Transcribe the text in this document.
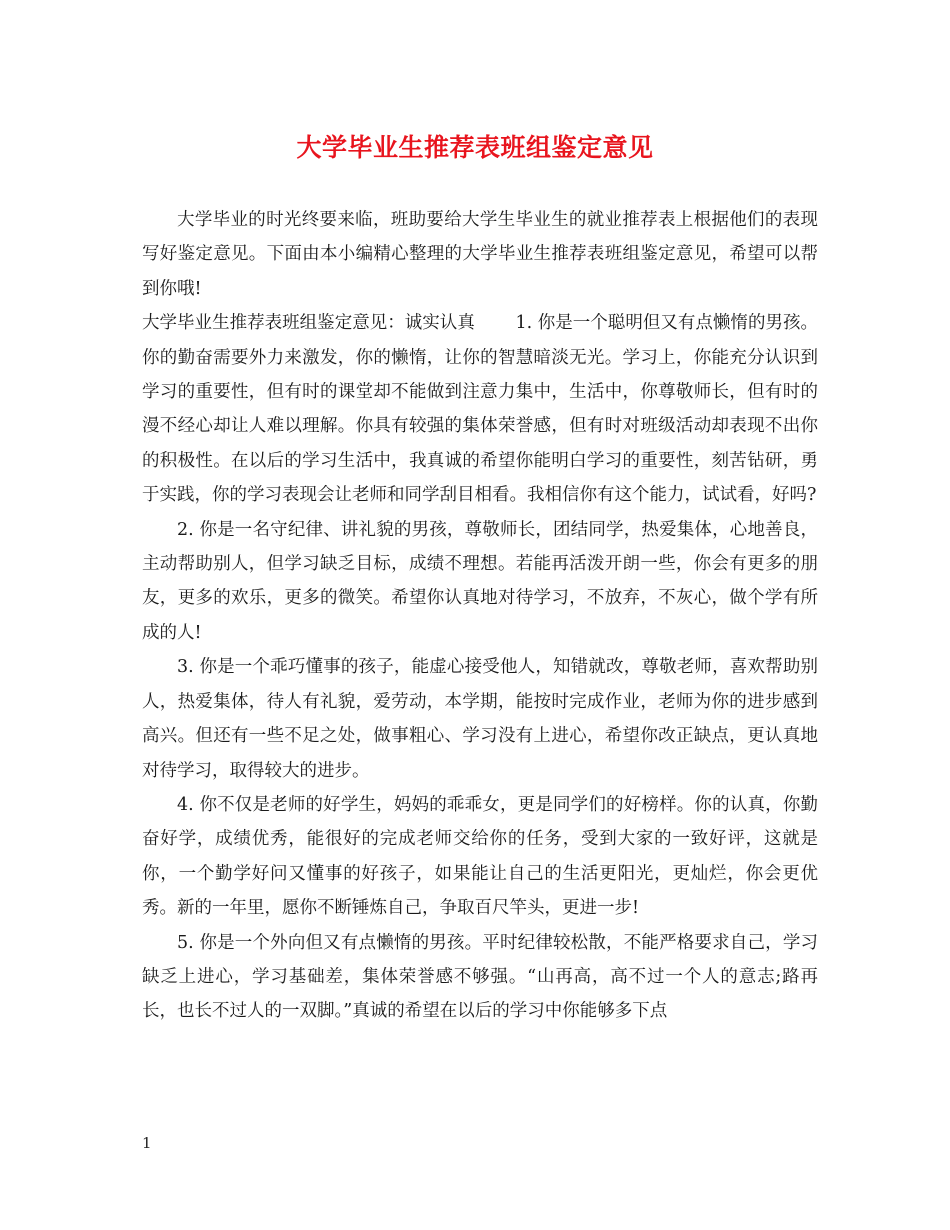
大学毕业生推荐表班组鉴定意见

大学毕业的时光终要来临，班助要给大学生毕业生的就业推荐表上根据他们的表现写好鉴定意见。下面由本小编精心整理的大学毕业生推荐表班组鉴定意见，希望可以帮到你哦!

大学毕业生推荐表班组鉴定意见：诚实认真　　 1. 你是一个聪明但又有点懒惰的男孩。你的勤奋需要外力来激发，你的懒惰，让你的智慧暗淡无光。学习上，你能充分认识到学习的重要性，但有时的课堂却不能做到注意力集中，生活中，你尊敬师长，但有时的漫不经心却让人难以理解。你具有较强的集体荣誉感，但有时对班级活动却表现不出你的积极性。在以后的学习生活中，我真诚的希望你能明白学习的重要性，刻苦钻研，勇于实践，你的学习表现会让老师和同学刮目相看。我相信你有这个能力，试试看，好吗?

2. 你是一名守纪律、讲礼貌的男孩，尊敬师长，团结同学，热爱集体，心地善良，主动帮助别人，但学习缺乏目标，成绩不理想。若能再活泼开朗一些，你会有更多的朋友，更多的欢乐，更多的微笑。希望你认真地对待学习，不放弃，不灰心，做个学有所成的人!

3. 你是一个乖巧懂事的孩子，能虚心接受他人，知错就改，尊敬老师，喜欢帮助别人，热爱集体，待人有礼貌，爱劳动，本学期，能按时完成作业，老师为你的进步感到高兴。但还有一些不足之处，做事粗心、学习没有上进心，希望你改正缺点，更认真地对待学习，取得较大的进步。

4. 你不仅是老师的好学生，妈妈的乖乖女，更是同学们的好榜样。你的认真，你勤奋好学，成绩优秀，能很好的完成老师交给你的任务，受到大家的一致好评，这就是你，一个勤学好问又懂事的好孩子，如果能让自己的生活更阳光，更灿烂，你会更优秀。新的一年里，愿你不断锤炼自己，争取百尺竿头，更进一步!

5. 你是一个外向但又有点懒惰的男孩。平时纪律较松散，不能严格要求自己，学习缺乏上进心，学习基础差，集体荣誉感不够强。“山再高，高不过一个人的意志;路再长，也长不过人的一双脚。”真诚的希望在以后的学习中你能够多下点

1
